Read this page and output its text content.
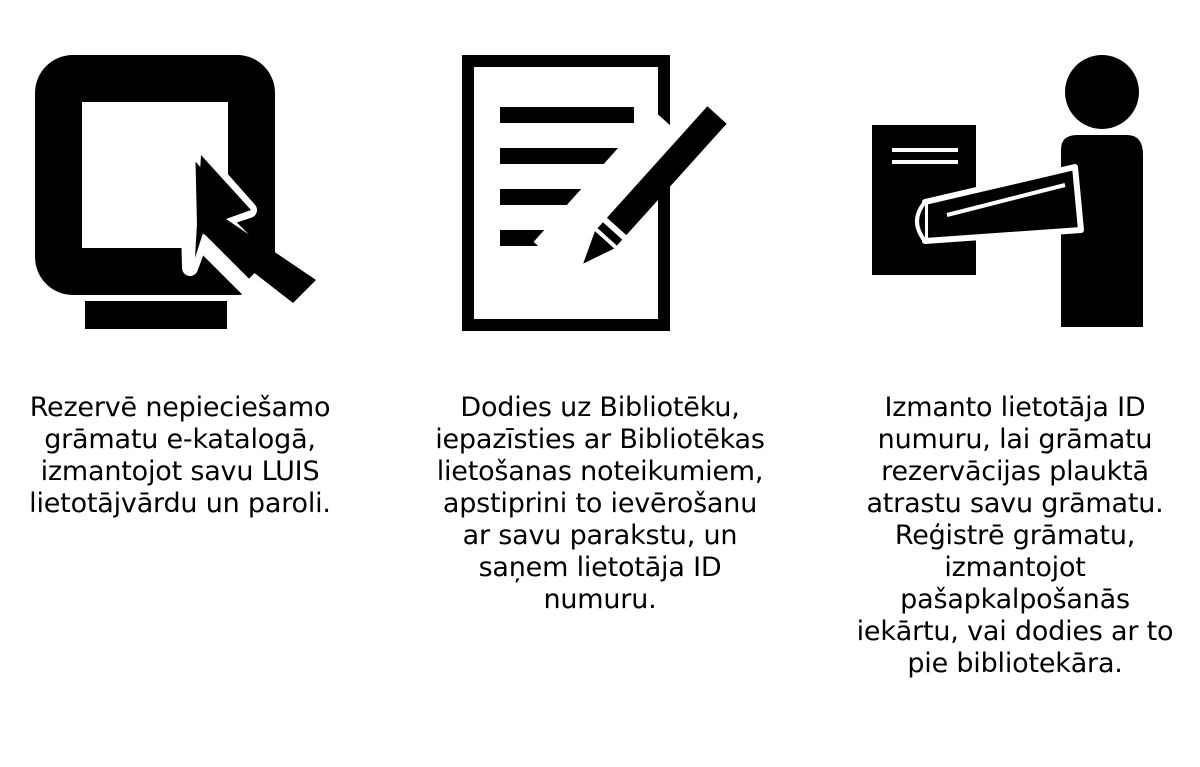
Rezervē nepieciešamo
grāmatu e-katalogā,
izmantojot savu LUIS
lietotājvārdu un paroli.

Dodies uz Bibliotēku,
iepazīsties ar Bibliotēkas
lietošanas noteikumiem,
apstiprini to ievērošanu
ar savu parakstu, un
saņem lietotāja ID
numuru.

Izmanto lietotāja ID
numuru, lai grāmatu
rezervācijas plauktā
atrastu savu grāmatu.
Reģistrē grāmatu,
izmantojot
pašapkalpošanās
iekārtu, vai dodies ar to
pie bibliotekāra.
